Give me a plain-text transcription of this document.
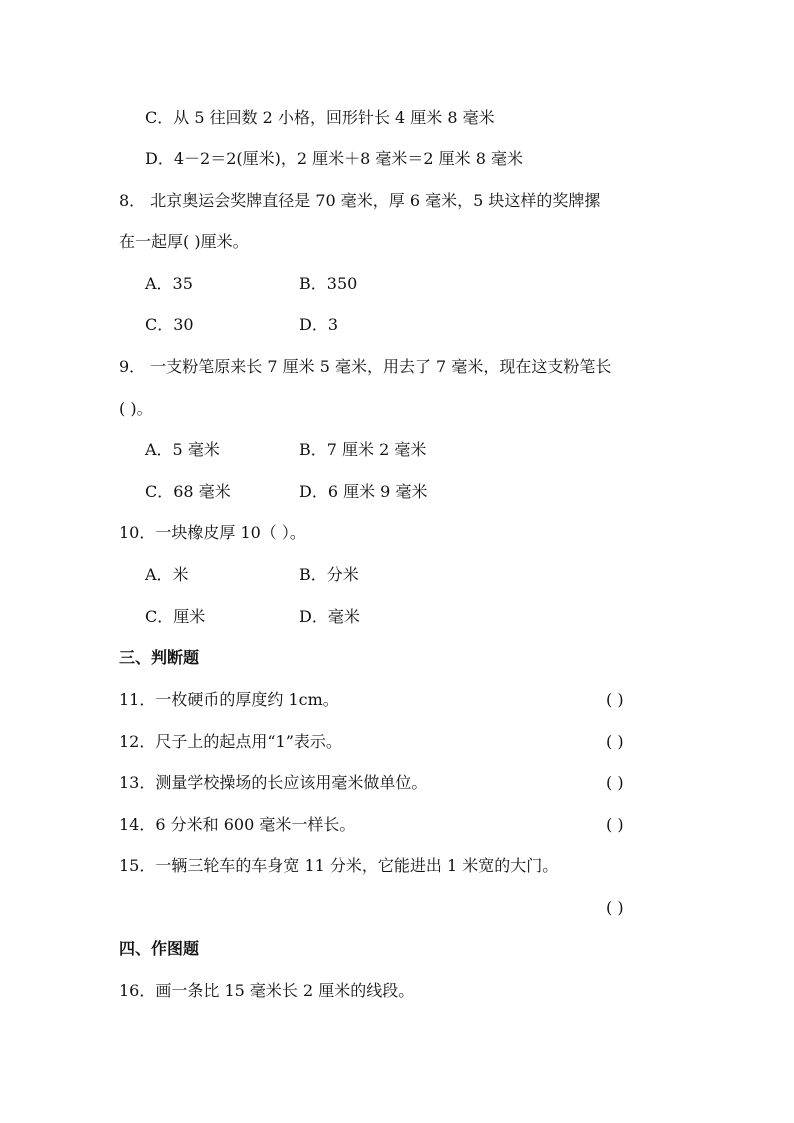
C．从 5 往回数 2 小格，回形针长 4 厘米 8 毫米
D．4－2＝2(厘米)，2 厘米＋8 毫米＝2 厘米 8 毫米
8． 北京奥运会奖牌直径是 70 毫米，厚 6 毫米，5 块这样的奖牌摞
在一起厚( )厘米。
A．35	B．350
C．30	D．3
9． 一支粉笔原来长 7 厘米 5 毫米，用去了 7 毫米，现在这支粉笔长
( )。
A．5 毫米	B．7 厘米 2 毫米
C．68 毫米	D．6 厘米 9 毫米
10．一块橡皮厚 10（ ）。
A．米	B．分米
C．厘米	D．毫米
三、判断题
11．一枚硬币的厚度约 1cm。	( )
12．尺子上的起点用“1”表示。	( )
13．测量学校操场的长应该用毫米做单位。	( )
14．6 分米和 600 毫米一样长。	( )
15．一辆三轮车的车身宽 11 分米，它能进出 1 米宽的大门。
( )
四、作图题
16．画一条比 15 毫米长 2 厘米的线段。
